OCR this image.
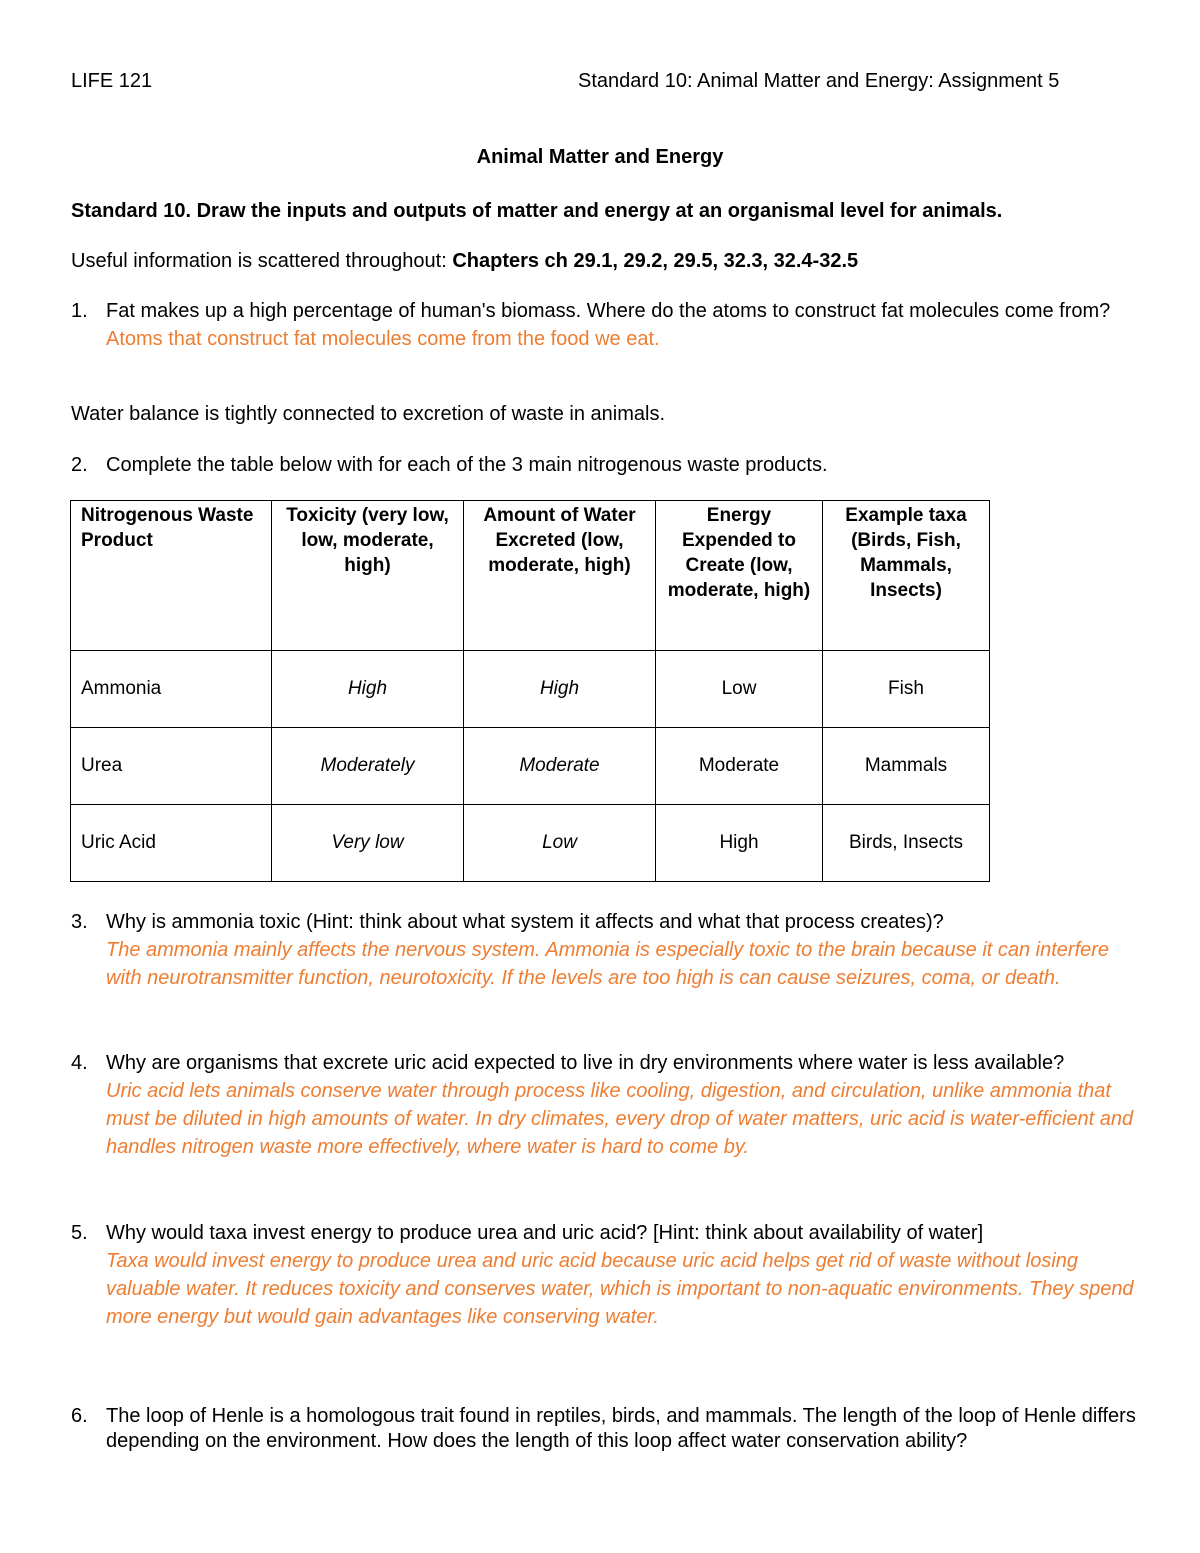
LIFE 121	Standard 10: Animal Matter and Energy: Assignment 5
Animal Matter and Energy
Standard 10. Draw the inputs and outputs of matter and energy at an organismal level for animals.
Useful information is scattered throughout: Chapters ch 29.1, 29.2, 29.5, 32.3, 32.4-32.5
1. Fat makes up a high percentage of human's biomass. Where do the atoms to construct fat molecules come from?
Atoms that construct fat molecules come from the food we eat.
Water balance is tightly connected to excretion of waste in animals.
2. Complete the table below with for each of the 3 main nitrogenous waste products.
Nitrogenous Waste Product	Toxicity (very low, low, moderate, high)	Amount of Water Excreted (low, moderate, high)	Energy Expended to Create (low, moderate, high)	Example taxa (Birds, Fish, Mammals, Insects)
Ammonia	High	High	Low	Fish
Urea	Moderately	Moderate	Moderate	Mammals
Uric Acid	Very low	Low	High	Birds, Insects
3. Why is ammonia toxic (Hint: think about what system it affects and what that process creates)?
The ammonia mainly affects the nervous system. Ammonia is especially toxic to the brain because it can interfere with neurotransmitter function, neurotoxicity. If the levels are too high is can cause seizures, coma, or death.
4. Why are organisms that excrete uric acid expected to live in dry environments where water is less available?
Uric acid lets animals conserve water through process like cooling, digestion, and circulation, unlike ammonia that must be diluted in high amounts of water. In dry climates, every drop of water matters, uric acid is water-efficient and handles nitrogen waste more effectively, where water is hard to come by.
5. Why would taxa invest energy to produce urea and uric acid? [Hint: think about availability of water]
Taxa would invest energy to produce urea and uric acid because uric acid helps get rid of waste without losing valuable water. It reduces toxicity and conserves water, which is important to non-aquatic environments. They spend more energy but would gain advantages like conserving water.
6. The loop of Henle is a homologous trait found in reptiles, birds, and mammals. The length of the loop of Henle differs depending on the environment. How does the length of this loop affect water conservation ability?
